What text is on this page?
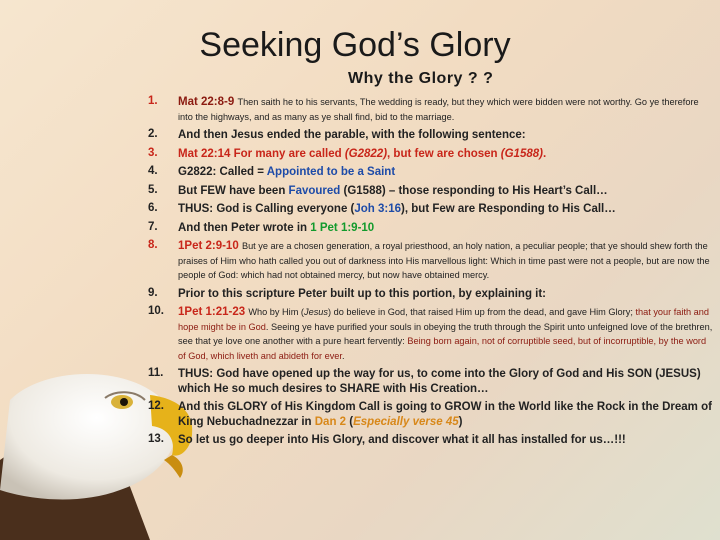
Seeking God’s Glory
Why the Glory ? ?
1.	Mat 22:8-9 Then saith he to his servants, The wedding is ready, but they which were bidden were not worthy. Go ye therefore into the highways, and as many as ye shall find, bid to the marriage.
2.	And then Jesus ended the parable, with the following sentence:
3.	Mat 22:14 For many are called (G2822), but few are chosen (G1588).
4.	G2822: Called = Appointed to be a Saint
5.	But FEW have been Favoured (G1588) – those responding to His Heart’s Call…
6.	THUS: God is Calling everyone (Joh 3:16), but Few are Responding to His Call…
7.	And then Peter wrote in 1 Pet 1:9-10
8.	1Pet 2:9-10 But ye are a chosen generation, a royal priesthood, an holy nation, a peculiar people; that ye should shew forth the praises of Him who hath called you out of darkness into His marvellous light: Which in time past were not a people, but are now the people of God: which had not obtained mercy, but now have obtained mercy.
9.	Prior to this scripture Peter built up to this portion, by explaining it:
10.	1Pet 1:21-23 Who by Him (Jesus) do believe in God, that raised Him up from the dead, and gave Him Glory; that your faith and hope might be in God. Seeing ye have purified your souls in obeying the truth through the Spirit unto unfeigned love of the brethren, see that ye love one another with a pure heart fervently: Being born again, not of corruptible seed, but of incorruptible, by the word of God, which liveth and abideth for ever.
11.	THUS: God have opened up the way for us, to come into the Glory of God and His SON (JESUS) which He so much desires to SHARE with His Creation…
12.	And this GLORY of His Kingdom Call is going to GROW in the World like the Rock in the Dream of King Nebuchadnezzar in Dan 2 (Especially verse 45)
13.	So let us go deeper into His Glory, and discover what it all has installed for us…!!!
